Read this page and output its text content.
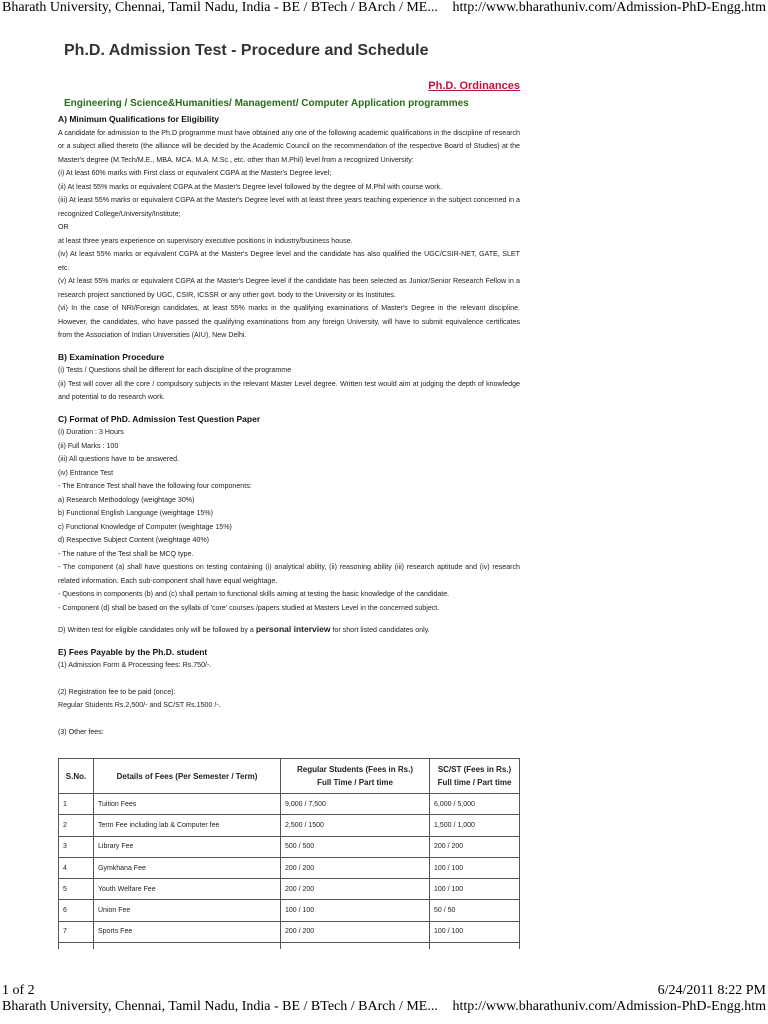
Bharath University, Chennai, Tamil Nadu, India - BE / BTech / BArch / ME... http://www.bharathuniv.com/Admission-PhD-Engg.htm
Ph.D. Admission Test - Procedure and Schedule
Ph.D. Ordinances
Engineering / Science&Humanities/ Management/ Computer Application programmes

A) Minimum Qualifications for Eligibility

A candidate for admission to the Ph.D programme must have obtained any one of the following academic qualifications in the discipline of research or a subject allied thereto (the alliance will be decided by the Academic Council on the recommendation of the respective Board of Studies) at the Master's degree (M.Tech/M.E., MBA. MCA. M.A. M.Sc., etc. other than M.Phil) level from a recognized University:

(i) At least 60% marks with First class or equivalent CGPA at the Master's Degree level;

(ii) At least 55% marks or equivalent CGPA at the Master's Degree level followed by the degree of M.Phil with course work.

(iii) At least 55% marks or equivalent CGPA at the Master's Degree level with at least three years teaching experience in the subject concerned in a recognized College/University/Institute;

OR

at least three years experience on supervisory executive positions in industry/business house.

(iv) At least 55% marks or equivalent CGPA at the Master's Degree level and the candidate has also qualified the UGC/CSIR-NET, GATE, SLET etc.

(v) At least 55% marks or equivalent CGPA at the Master's Degree level if the candidate has been selected as Junior/Senior Research Fellow in a research project sanctioned by UGC, CSIR, ICSSR or any other govt. body to the University or its Institutes.

(vi) In the case of NRI/Foreign candidates, at least 55% marks in the qualifying examinations of Master's Degree in the relevant discipline. However, the candidates, who have passed the qualifying examinations from any foreign University, will have to submit equivalence certificates from the Association of Indian Universities (AIU), New Delhi.

B) Examination Procedure

(i) Tests / Questions shall be different for each discipline of the programme

(ii) Test will cover all the core / compulsory subjects in the relevant Master Level degree. Written test would aim at judging the depth of knowledge and potential to do research work.

C) Format of PhD. Admission Test Question Paper

(i) Duration : 3 Hours

(ii) Full Marks : 100

(iii) All questions have to be answered.

(iv) Entrance Test

- The Entrance Test shall have the following four components:

a) Research Methodology (weightage 30%)

b) Functional English Language (weightage 15%)

c) Functional Knowledge of Computer (weightage 15%)

d) Respective Subject Content (weightage 40%)

- The nature of the Test shall be MCQ type.

- The component (a) shall have questions on testing containing (i) analytical ability, (ii) reasoning ability (iii) research aptitude and (iv) research related information. Each sub-component shall have equal weightage.

- Questions in components (b) and (c) shall pertain to functional skills aiming at testing the basic knowledge of the candidate.

- Component (d) shall be based on the syllabi of 'core' courses /papers studied at Masters Level in the concerned subject.

D) Written test for eligible candidates only will be followed by a personal interview for short listed candidates only.

E) Fees Payable by the Ph.D. student

(1) Admission Form & Processing fees: Rs.750/-.

(2) Registration fee to be paid (once):

Regular Students Rs.2,500/- and SC/ST Rs.1500 /-.

(3) Other fees:

S.No.	Details of Fees (Per Semester / Term)	Regular Students (Fees in Rs.)
Full Time / Part time	SC/ST (Fees in Rs.)
Full time / Part time
1	Tuition Fees	9,000 / 7,500	6,000 / 5,000
2	Term Fee including lab & Computer fee	2,500 / 1500	1,500 / 1,000
3	Library Fee	500 / 500	200 / 200
4	Gymkhana Fee	200 / 200	100 / 100
5	Youth Welfare Fee	200 / 200	100 / 100
6	Union Fee	100 / 100	50 / 50
7	Sports Fee	200 / 200	100 / 100

1 of 2	6/24/2011 8:22 PM
Bharath University, Chennai, Tamil Nadu, India - BE / BTech / BArch / ME... http://www.bharathuniv.com/Admission-PhD-Engg.htm
